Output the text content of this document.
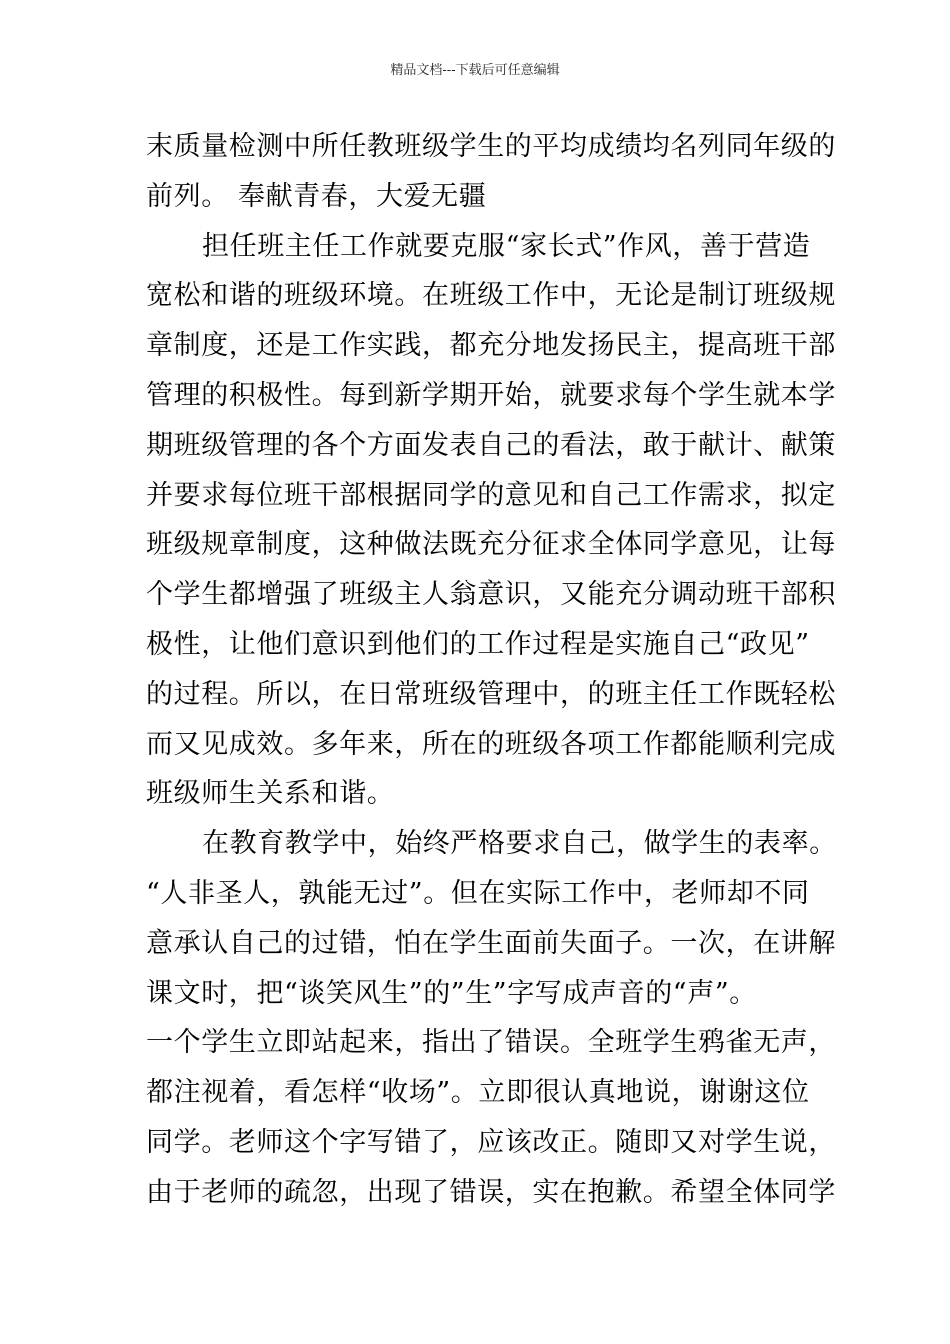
精品文档---下载后可任意编辑
末质量检测中所任教班级学生的平均成绩均名列同年级的
前列。 奉献青春，大爱无疆
担任班主任工作就要克服“家长式”作风，善于营造
宽松和谐的班级环境。在班级工作中，无论是制订班级规
章制度，还是工作实践，都充分地发扬民主，提高班干部
管理的积极性。每到新学期开始，就要求每个学生就本学
期班级管理的各个方面发表自己的看法，敢于献计、献策
并要求每位班干部根据同学的意见和自己工作需求，拟定
班级规章制度，这种做法既充分征求全体同学意见，让每
个学生都增强了班级主人翁意识，又能充分调动班干部积
极性，让他们意识到他们的工作过程是实施自己“政见”
的过程。所以，在日常班级管理中，的班主任工作既轻松
而又见成效。多年来，所在的班级各项工作都能顺利完成
班级师生关系和谐。
在教育教学中，始终严格要求自己，做学生的表率。
“人非圣人，孰能无过”。但在实际工作中，老师却不同
意承认自己的过错，怕在学生面前失面子。一次，在讲解
课文时，把“谈笑风生”的”生”字写成声音的“声”。
一个学生立即站起来，指出了错误。全班学生鸦雀无声，
都注视着，看怎样“收场”。立即很认真地说，谢谢这位
同学。老师这个字写错了，应该改正。随即又对学生说，
由于老师的疏忽，出现了错误，实在抱歉。希望全体同学
